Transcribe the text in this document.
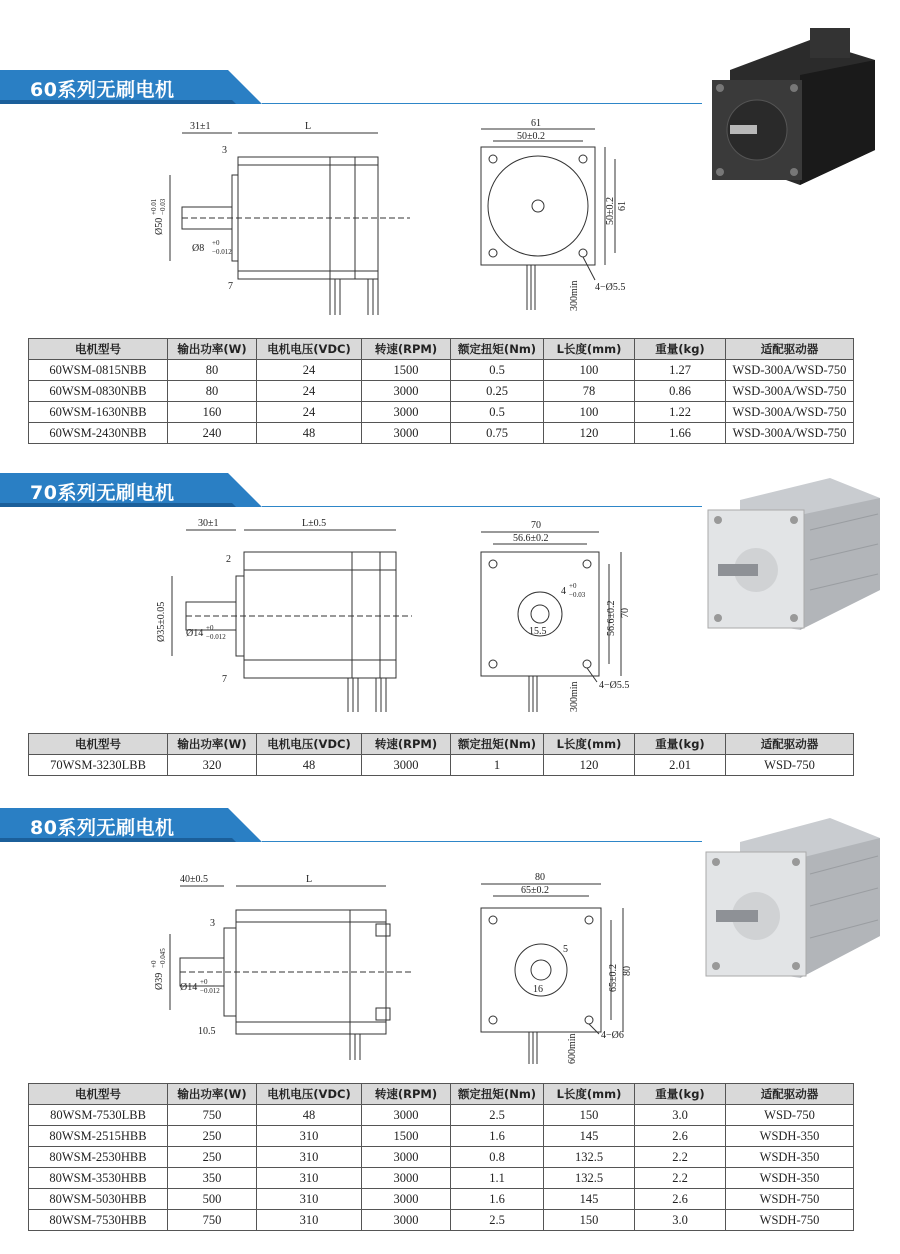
60系列无刷电机
31±1	L
3
Ø50
+0.01 −0.03
Ø8 +0
−0.012
7
61
50±0.2
61
50±0.2
4−Ø5.5
300min
电机型号	输出功率(W)	电机电压(VDC)	转速(RPM)	额定扭矩(Nm)	L长度(mm)	重量(kg)	适配驱动器
60WSM-0815NBB	80	24	1500	0.5	100	1.27	WSD-300A/WSD-750
60WSM-0830NBB	80	24	3000	0.25	78	0.86	WSD-300A/WSD-750
60WSM-1630NBB	160	24	3000	0.5	100	1.22	WSD-300A/WSD-750
60WSM-2430NBB	240	48	3000	0.75	120	1.66	WSD-300A/WSD-750
70系列无刷电机
30±1	L±0.5
2
Ø35±0.05 Ø14 +0
−0.012
7
70
56.6±0.2
4 +0
−0.03
15.5	56.6±0.2 70
4−Ø5.5
300min
电机型号	输出功率(W)	电机电压(VDC)	转速(RPM)	额定扭矩(Nm)	L长度(mm)	重量(kg)	适配驱动器
70WSM-3230LBB	320	48	3000	1	120	2.01	WSD-750
80系列无刷电机
40±0.5	L
3
Ø39
+0 −0.045
Ø14 +0
−0.012
10.5
80
65±0.2
5
16	65±0.2 80
4−Ø6
600min
电机型号	输出功率(W)	电机电压(VDC)	转速(RPM)	额定扭矩(Nm)	L长度(mm)	重量(kg)	适配驱动器
80WSM-7530LBB	750	48	3000	2.5	150	3.0	WSD-750
80WSM-2515HBB	250	310	1500	1.6	145	2.6	WSDH-350
80WSM-2530HBB	250	310	3000	0.8	132.5	2.2	WSDH-350
80WSM-3530HBB	350	310	3000	1.1	132.5	2.2	WSDH-350
80WSM-5030HBB	500	310	3000	1.6	145	2.6	WSDH-750
80WSM-7530HBB	750	310	3000	2.5	150	3.0	WSDH-750
